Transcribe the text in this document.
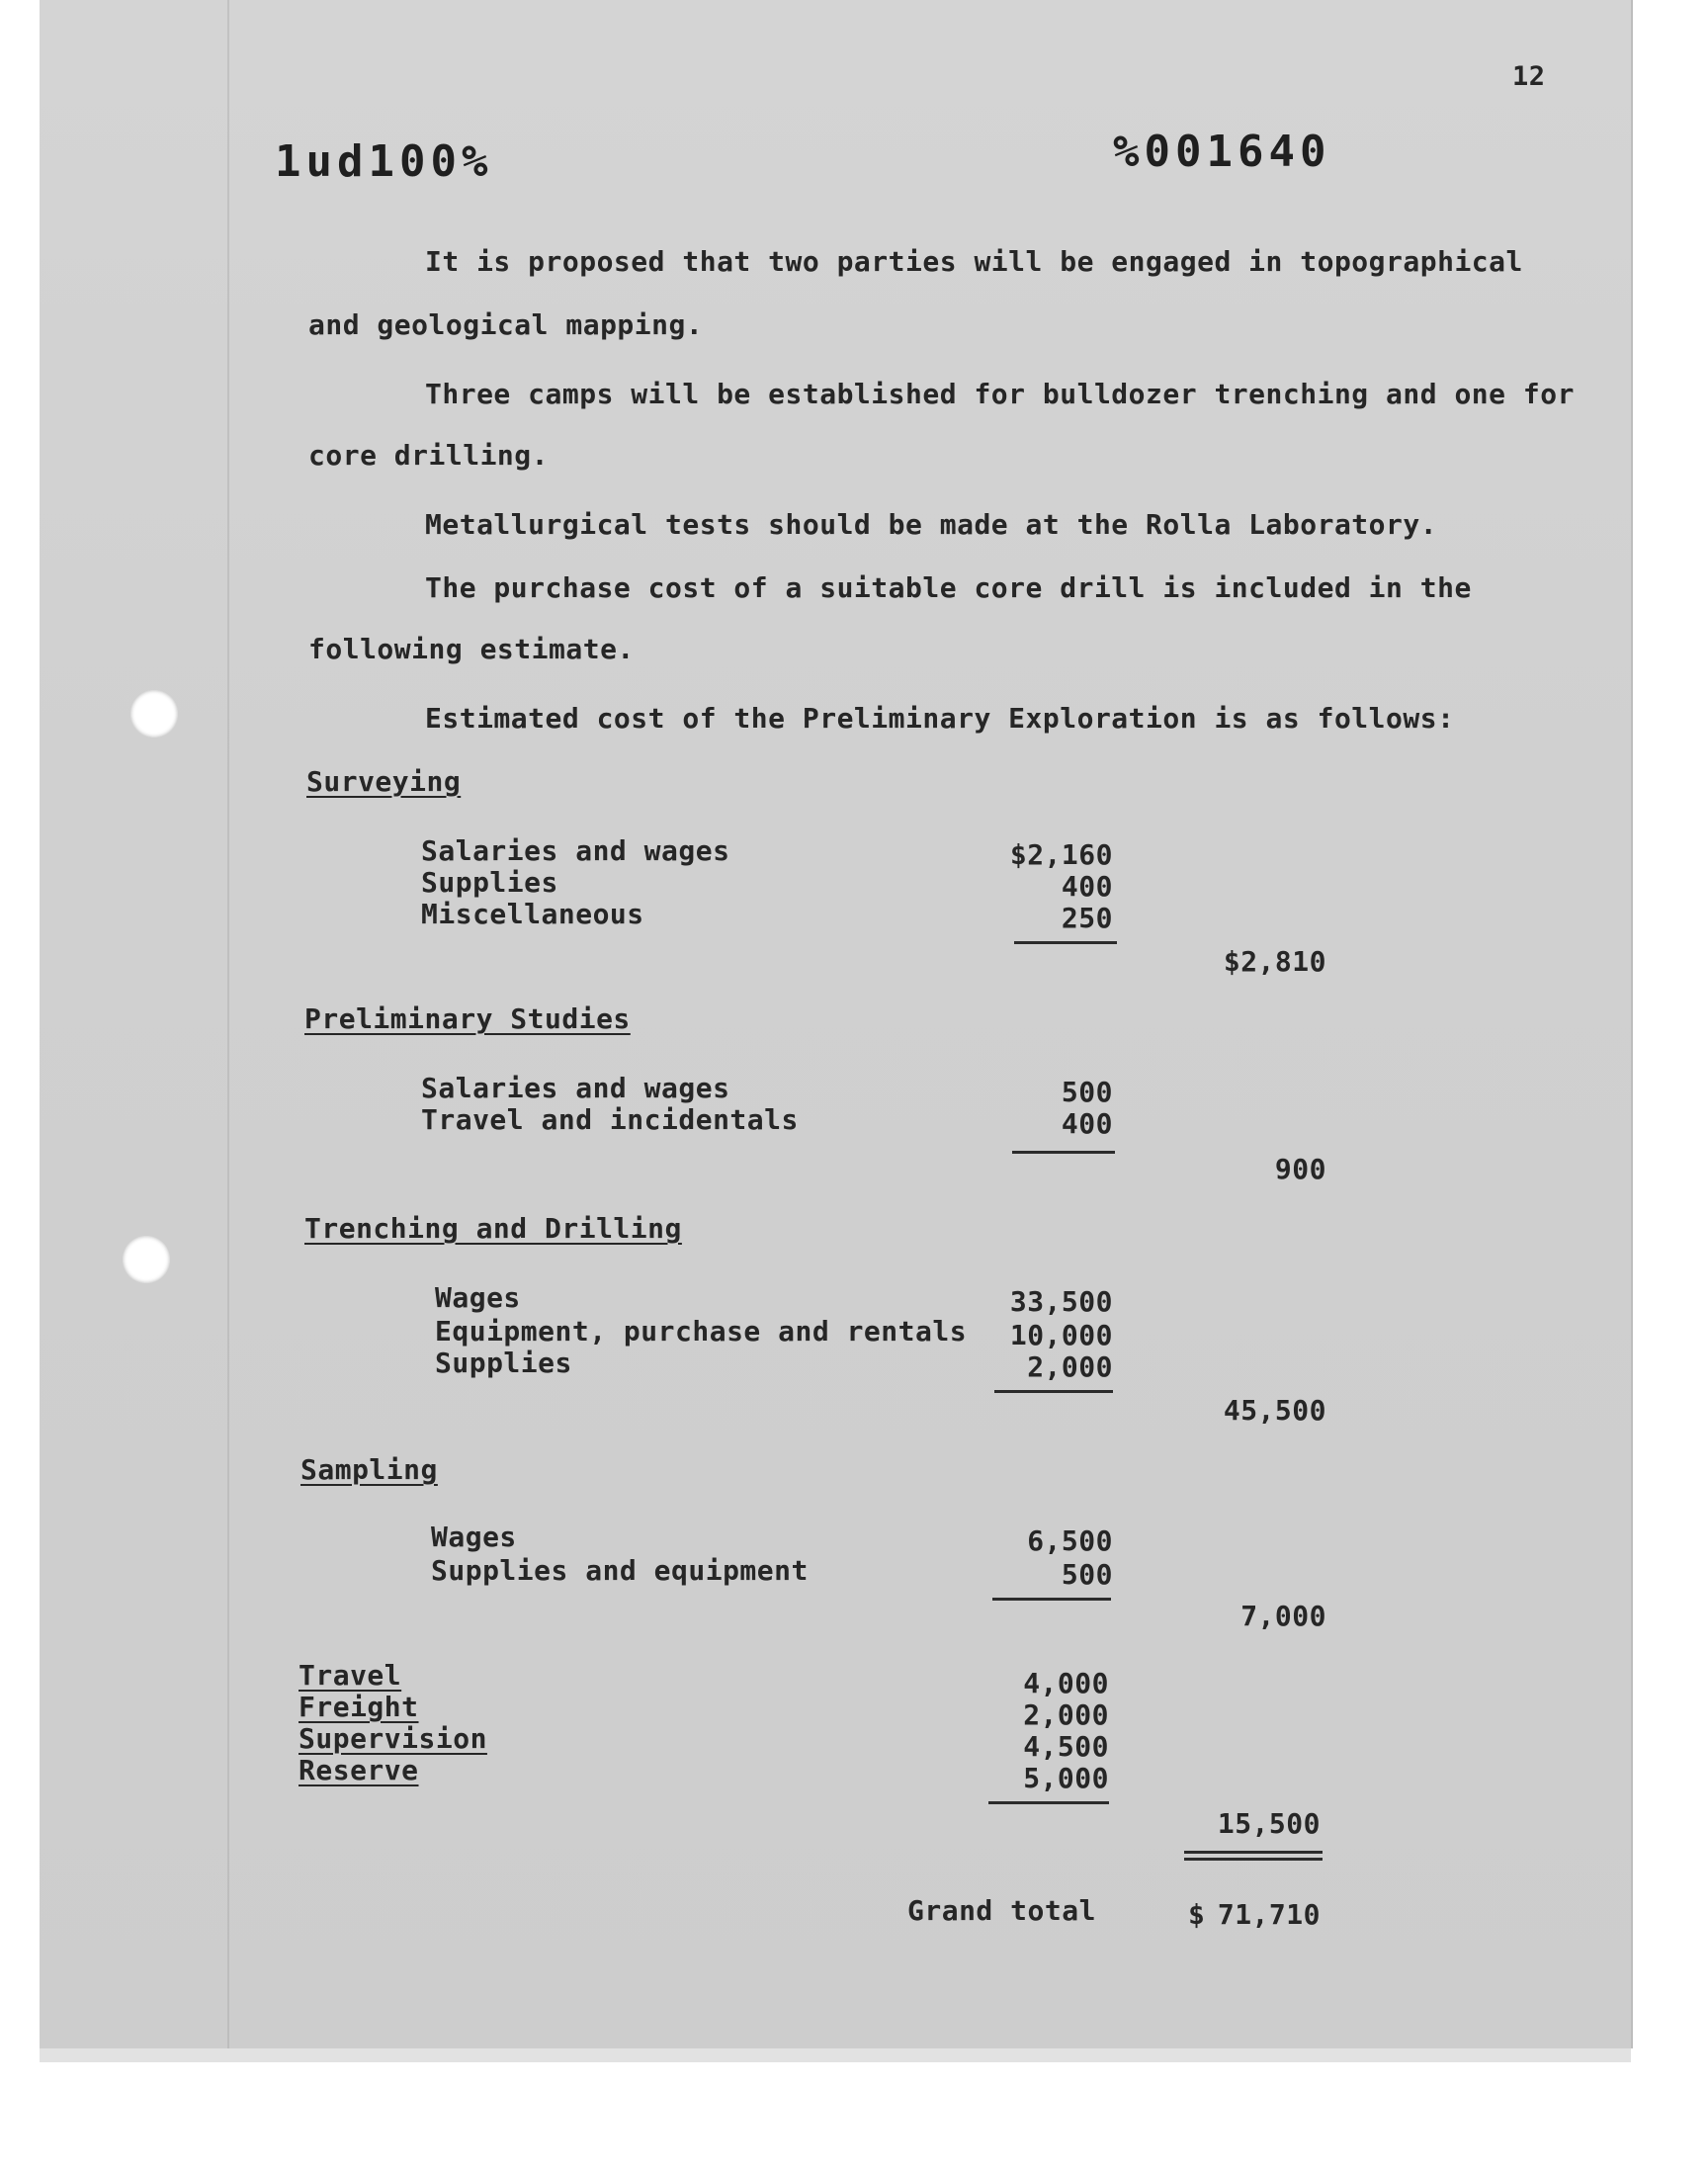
12
1ud100%	%001640
It is proposed that two parties will be engaged in topographical
and geological mapping.
Three camps will be established for bulldozer trenching and one for
core drilling.
Metallurgical tests should be made at the Rolla Laboratory.
The purchase cost of a suitable core drill is included in the
following estimate.
Estimated cost of the Preliminary Exploration is as follows:
Surveying
Salaries and wages	$2,160
Supplies	400
Miscellaneous	250
$2,810
Preliminary Studies
Salaries and wages	500
Travel and incidentals	400
900
Trenching and Drilling
Wages	33,500
Equipment, purchase and rentals	10,000
Supplies	2,000
45,500
Sampling
Wages	6,500
Supplies and equipment	500
7,000
Travel	4,000
Freight	2,000
Supervision	4,500
Reserve	5,000
15,500
Grand total	$ 71,710
